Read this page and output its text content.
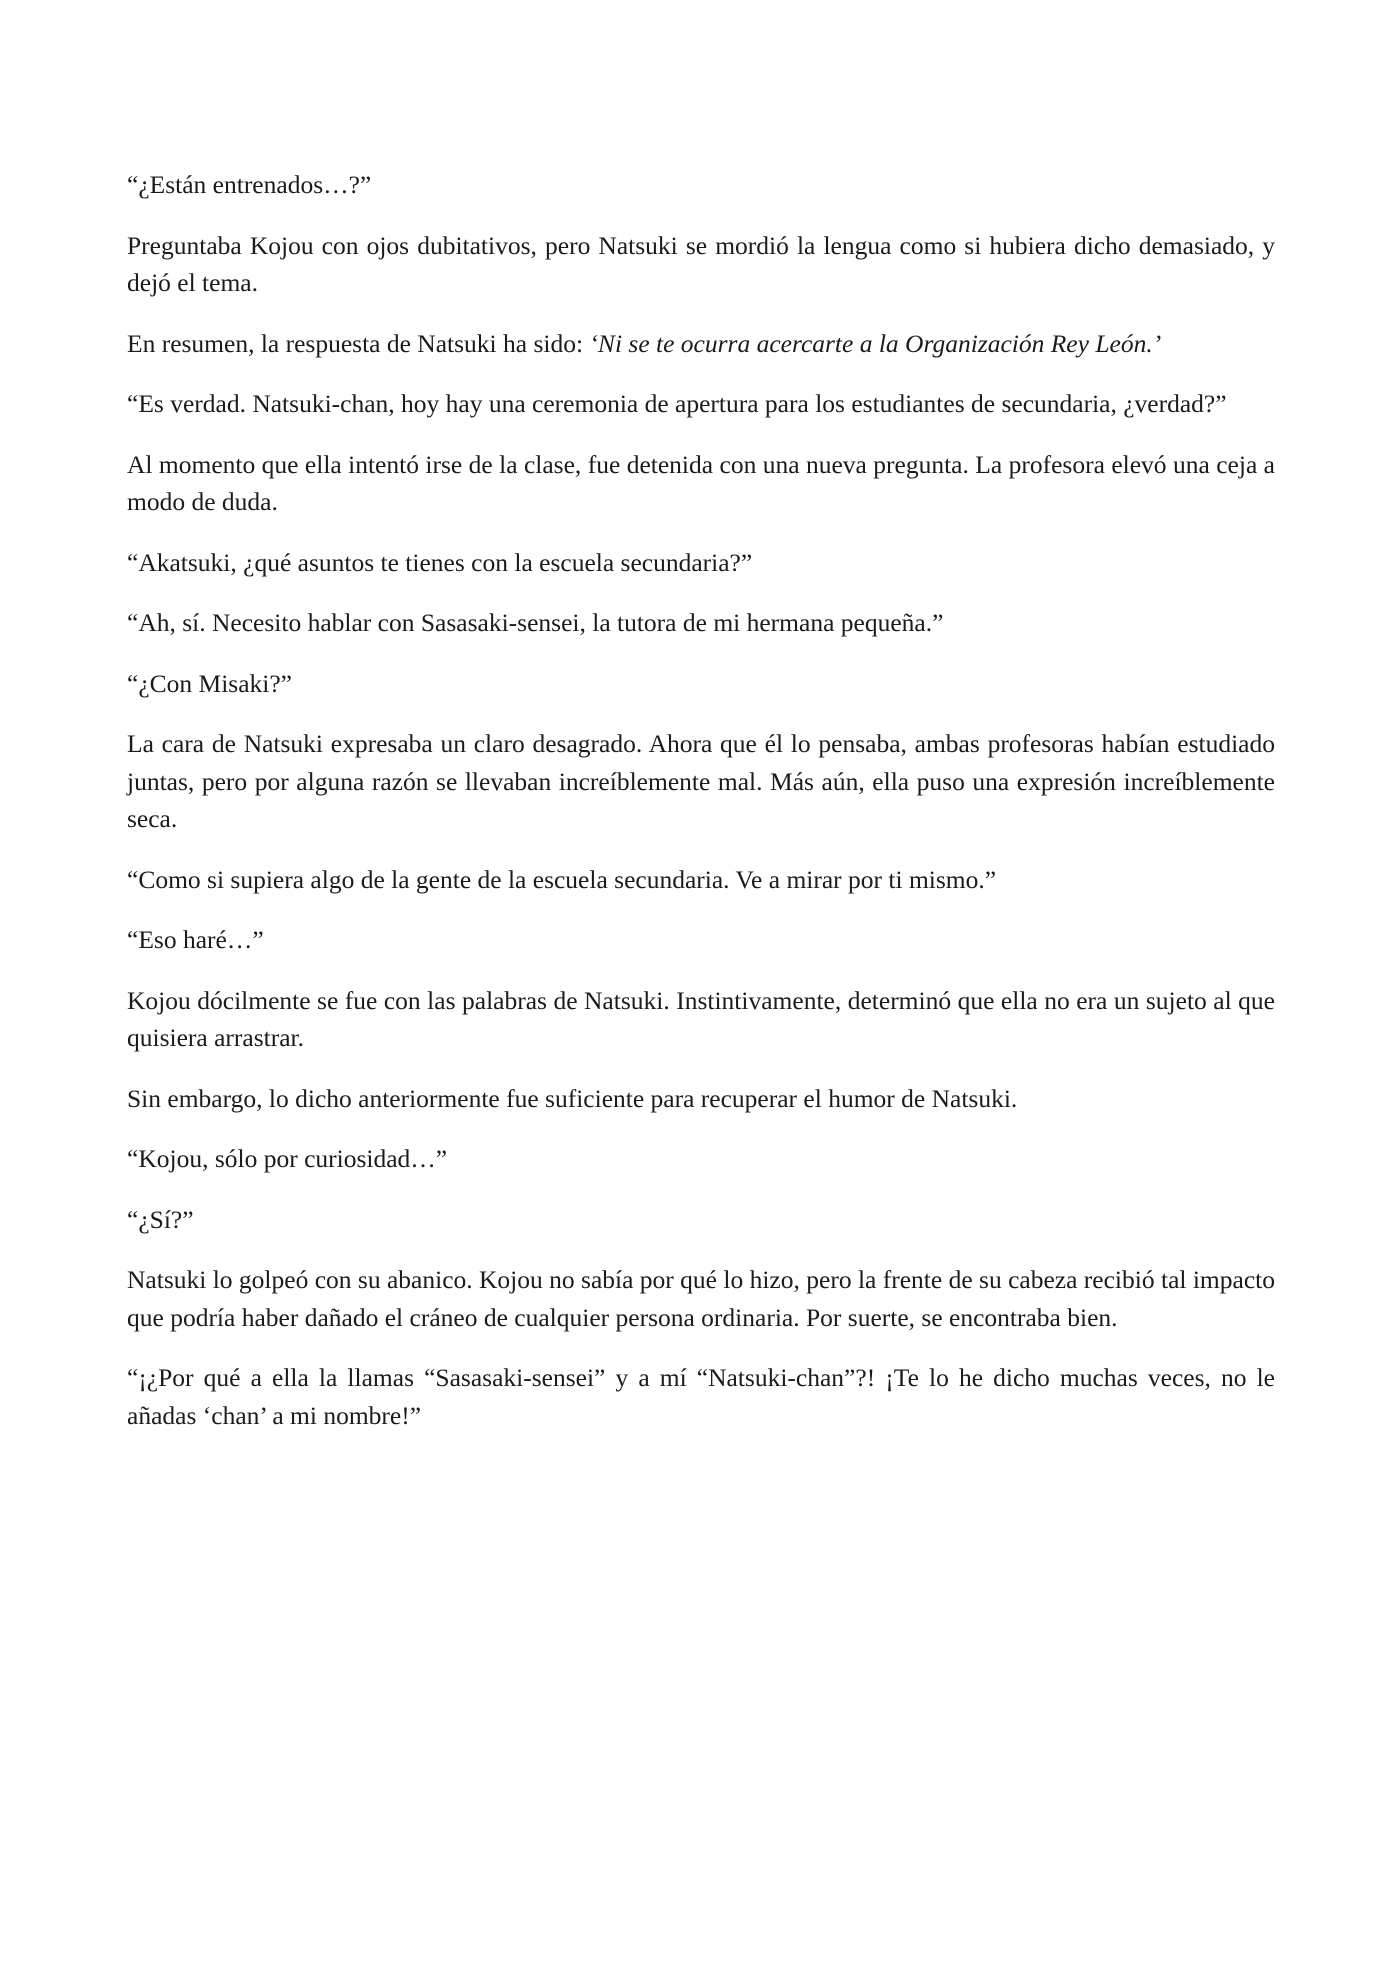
“¿Están entrenados…?”

Preguntaba Kojou con ojos dubitativos, pero Natsuki se mordió la lengua como si hubiera dicho demasiado, y dejó el tema.

En resumen, la respuesta de Natsuki ha sido: ‘Ni se te ocurra acercarte a la Organización Rey León.’

“Es verdad. Natsuki-chan, hoy hay una ceremonia de apertura para los estudiantes de secundaria, ¿verdad?”

Al momento que ella intentó irse de la clase, fue detenida con una nueva pregunta. La profesora elevó una ceja a modo de duda.

“Akatsuki, ¿qué asuntos te tienes con la escuela secundaria?”

“Ah, sí. Necesito hablar con Sasasaki-sensei, la tutora de mi hermana pequeña.”

“¿Con Misaki?”

La cara de Natsuki expresaba un claro desagrado. Ahora que él lo pensaba, ambas profesoras habían estudiado juntas, pero por alguna razón se llevaban increíblemente mal. Más aún, ella puso una expresión increíblemente seca.

“Como si supiera algo de la gente de la escuela secundaria. Ve a mirar por ti mismo.”

“Eso haré…”

Kojou dócilmente se fue con las palabras de Natsuki. Instintivamente, determinó que ella no era un sujeto al que quisiera arrastrar.

Sin embargo, lo dicho anteriormente fue suficiente para recuperar el humor de Natsuki.

“Kojou, sólo por curiosidad…”

“¿Sí?”

Natsuki lo golpeó con su abanico. Kojou no sabía por qué lo hizo, pero la frente de su cabeza recibió tal impacto que podría haber dañado el cráneo de cualquier persona ordinaria. Por suerte, se encontraba bien.

“¡¿Por qué a ella la llamas “Sasasaki-sensei” y a mí “Natsuki-chan”?! ¡Te lo he dicho muchas veces, no le añadas ‘chan’ a mi nombre!”
